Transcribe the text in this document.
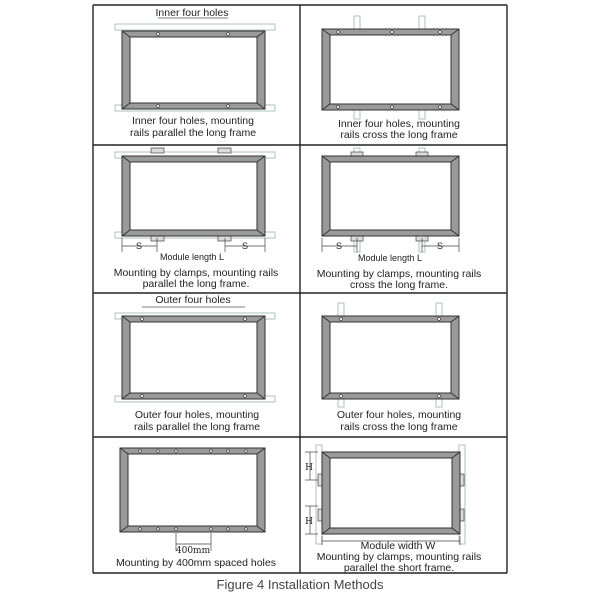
Inner four holes
Inner four holes, mounting
rails parallel the long frame
Inner four holes, mounting
rails cross the long frame
S	S
Module length L
Mounting by clamps, mounting rails
parallel the long frame.
S	S
Module length L
Mounting by clamps, mounting rails
cross the long frame.
Outer four holes
Outer four holes, mounting
rails parallel the long frame
Outer four holes, mounting
rails cross the long frame
400mm
Mounting by 400mm spaced holes
H
H
Module width W
Mounting by clamps, mounting rails
parallel the short frame.
Figure 4 Installation Methods
